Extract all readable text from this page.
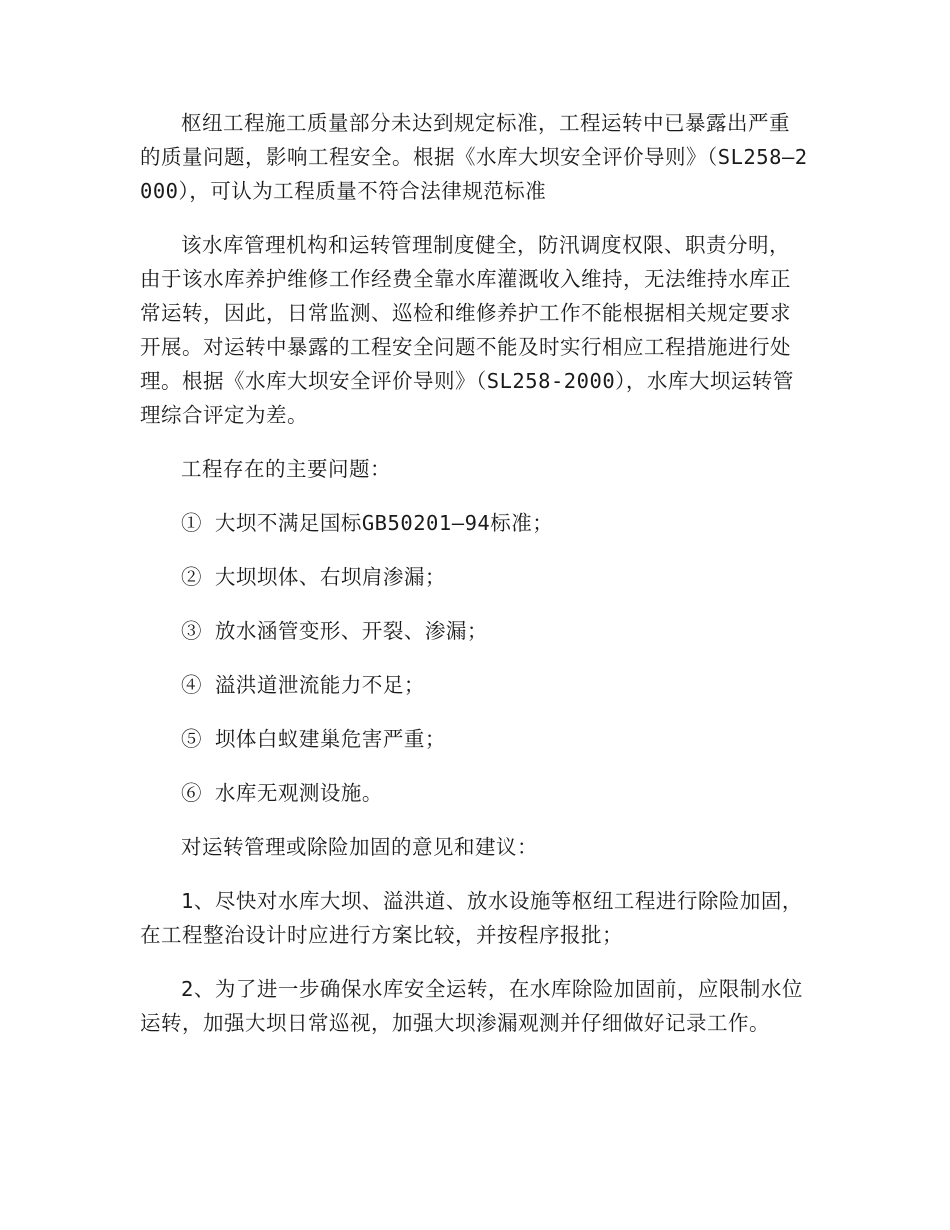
枢纽工程施工质量部分未达到规定标准，工程运转中已暴露出严重的质量问题，影响工程安全。根据《水库大坝安全评价导则》（SL258—2000），可认为工程质量不符合法律规范标准

该水库管理机构和运转管理制度健全，防汛调度权限、职责分明，由于该水库养护维修工作经费全靠水库灌溉收入维持，无法维持水库正常运转，因此，日常监测、巡检和维修养护工作不能根据相关规定要求开展。对运转中暴露的工程安全问题不能及时实行相应工程措施进行处理。根据《水库大坝安全评价导则》（SL258-2000），水库大坝运转管理综合评定为差。

工程存在的主要问题：

① 大坝不满足国标GB50201—94标准；

② 大坝坝体、右坝肩渗漏；

③ 放水涵管变形、开裂、渗漏；

④ 溢洪道泄流能力不足；

⑤ 坝体白蚁建巢危害严重；

⑥ 水库无观测设施。

对运转管理或除险加固的意见和建议：

1、尽快对水库大坝、溢洪道、放水设施等枢纽工程进行除险加固，在工程整治设计时应进行方案比较，并按程序报批；

2、为了进一步确保水库安全运转，在水库除险加固前，应限制水位运转，加强大坝日常巡视，加强大坝渗漏观测并仔细做好记录工作。
